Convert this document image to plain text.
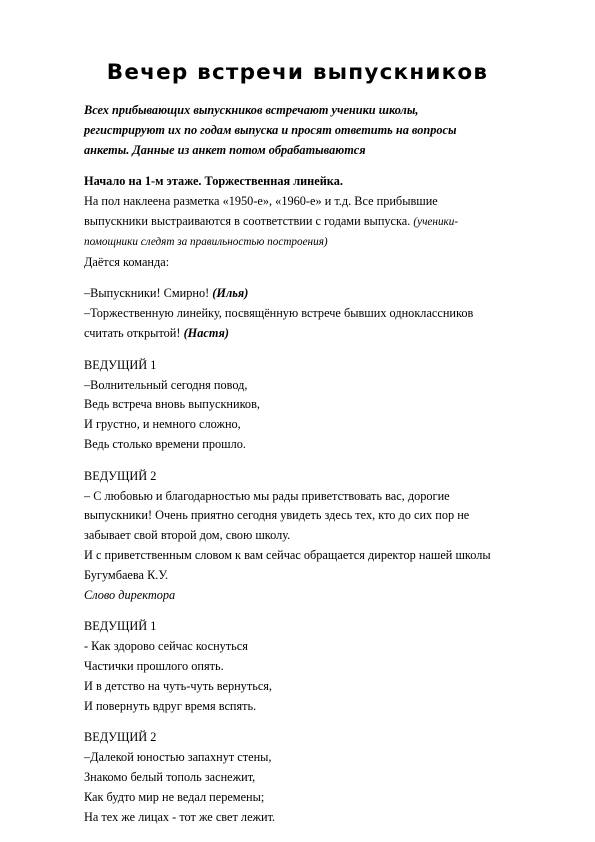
Вечер встречи выпускников
Всех прибывающих выпускников встречают ученики школы,
регистрируют их по годам выпуска и просят ответить на вопросы
анкеты. Данные из анкет потом обрабатываются
Начало на 1-м этаже. Торжественная линейка.
На пол наклеена разметка «1950-е», «1960-е» и т.д. Все прибывшие
выпускники выстраиваются в соответствии с годами выпуска. (ученики-
помощники следят за правильностью построения)
Даётся команда:
–Выпускники! Смирно! (Илья)
–Торжественную линейку, посвящённую встрече бывших одноклассников
считать открытой! (Настя)
ВЕДУЩИЙ 1
–Волнительный сегодня повод,
Ведь встреча вновь выпускников,
И грустно, и немного сложно,
Ведь столько времени прошло.
ВЕДУЩИЙ 2
– С любовью и благодарностью мы рады приветствовать вас, дорогие
выпускники! Очень приятно сегодня увидеть здесь тех, кто до сих пор не
забывает свой второй дом, свою школу.
И с приветственным словом к вам сейчас обращается директор нашей школы
Бугумбаева К.У.
Слово директора
ВЕДУЩИЙ 1
- Как здорово сейчас коснуться
Частички прошлого опять.
И в детство на чуть-чуть вернуться,
И повернуть вдруг время вспять.
ВЕДУЩИЙ 2
–Далекой юностью запахнут стены,
Знакомо белый тополь заснежит,
Как будто мир не ведал перемены;
На тех же лицах - тот же свет лежит.
